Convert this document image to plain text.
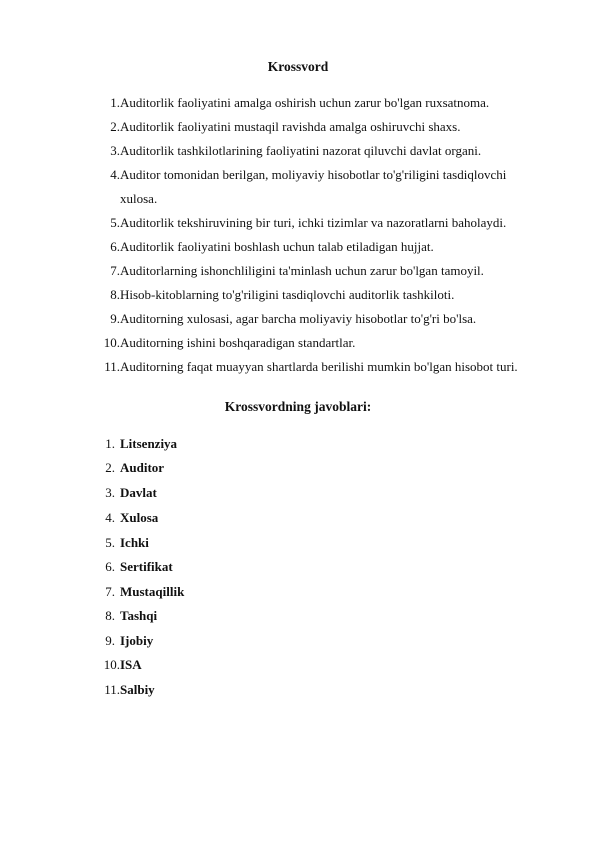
Krossvord
1. Auditorlik faoliyatini amalga oshirish uchun zarur bo'lgan ruxsatnoma.
2. Auditorlik faoliyatini mustaqil ravishda amalga oshiruvchi shaxs.
3. Auditorlik tashkilotlarining faoliyatini nazorat qiluvchi davlat organi.
4. Auditor tomonidan berilgan, moliyaviy hisobotlar to'g'riligini tasdiqlovchi
xulosa.
5. Auditorlik tekshiruvining bir turi, ichki tizimlar va nazoratlarni baholaydi.
6. Auditorlik faoliyatini boshlash uchun talab etiladigan hujjat.
7. Auditorlarning ishonchliligini ta'minlash uchun zarur bo'lgan tamoyil.
8. Hisob-kitoblarning to'g'riligini tasdiqlovchi auditorlik tashkiloti.
9. Auditorning xulosasi, agar barcha moliyaviy hisobotlar to'g'ri bo'lsa.
10. Auditorning ishini boshqaradigan standartlar.
11. Auditorning faqat muayyan shartlarda berilishi mumkin bo'lgan hisobot turi.
Krossvordning javoblari:
1. Litsenziya
2. Auditor
3. Davlat
4. Xulosa
5. Ichki
6. Sertifikat
7. Mustaqillik
8. Tashqi
9. Ijobiy
10. ISA
11. Salbiy
